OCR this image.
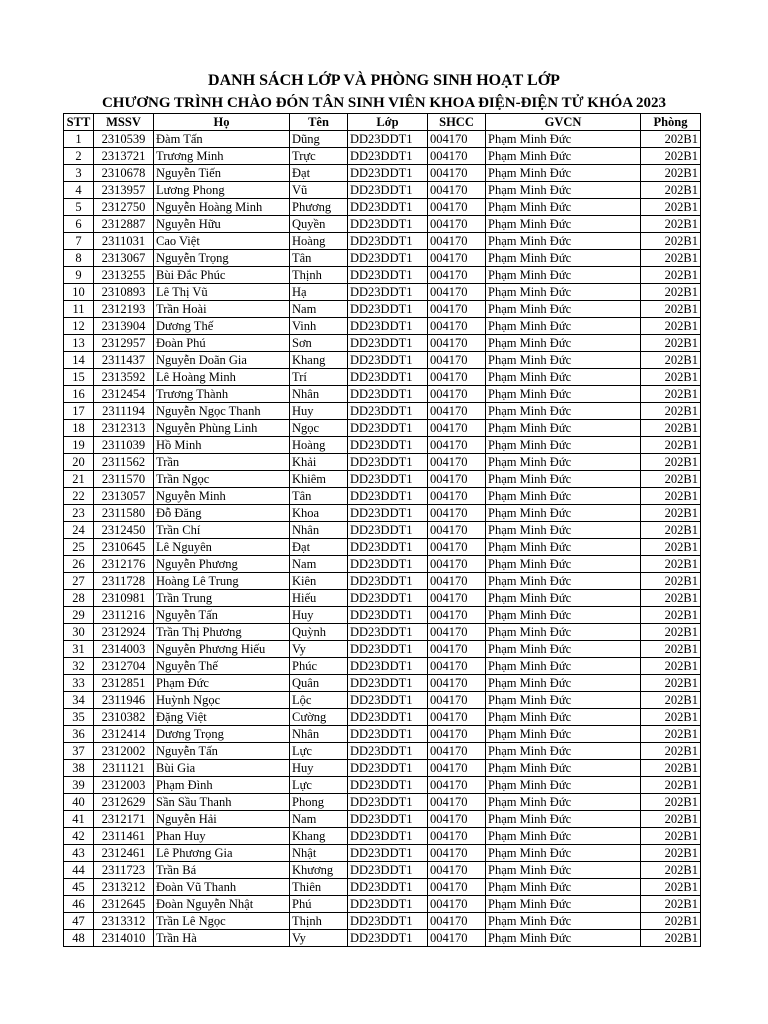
DANH SÁCH LỚP VÀ PHÒNG SINH HOẠT LỚP
CHƯƠNG TRÌNH CHÀO ĐÓN TÂN SINH VIÊN KHOA ĐIỆN-ĐIỆN TỬ KHÓA 2023
STT	MSSV	Họ	Tên	Lớp	SHCC	GVCN	Phòng
1	2310539	Đàm Tấn	Dũng	DD23DDT1	004170	Phạm Minh Đức	202B1
2	2313721	Trương Minh	Trực	DD23DDT1	004170	Phạm Minh Đức	202B1
3	2310678	Nguyễn Tiến	Đạt	DD23DDT1	004170	Phạm Minh Đức	202B1
4	2313957	Lương Phong	Vũ	DD23DDT1	004170	Phạm Minh Đức	202B1
5	2312750	Nguyễn Hoàng Minh	Phương	DD23DDT1	004170	Phạm Minh Đức	202B1
6	2312887	Nguyễn Hữu	Quyền	DD23DDT1	004170	Phạm Minh Đức	202B1
7	2311031	Cao Việt	Hoàng	DD23DDT1	004170	Phạm Minh Đức	202B1
8	2313067	Nguyễn Trọng	Tân	DD23DDT1	004170	Phạm Minh Đức	202B1
9	2313255	Bùi Đắc Phúc	Thịnh	DD23DDT1	004170	Phạm Minh Đức	202B1
10	2310893	Lê Thị Vũ	Hạ	DD23DDT1	004170	Phạm Minh Đức	202B1
11	2312193	Trần Hoài	Nam	DD23DDT1	004170	Phạm Minh Đức	202B1
12	2313904	Dương Thế	Vinh	DD23DDT1	004170	Phạm Minh Đức	202B1
13	2312957	Đoàn Phú	Sơn	DD23DDT1	004170	Phạm Minh Đức	202B1
14	2311437	Nguyễn Doãn Gia	Khang	DD23DDT1	004170	Phạm Minh Đức	202B1
15	2313592	Lê Hoàng Minh	Trí	DD23DDT1	004170	Phạm Minh Đức	202B1
16	2312454	Trương Thành	Nhân	DD23DDT1	004170	Phạm Minh Đức	202B1
17	2311194	Nguyễn Ngọc Thanh	Huy	DD23DDT1	004170	Phạm Minh Đức	202B1
18	2312313	Nguyễn Phùng Linh	Ngọc	DD23DDT1	004170	Phạm Minh Đức	202B1
19	2311039	Hồ Minh	Hoàng	DD23DDT1	004170	Phạm Minh Đức	202B1
20	2311562	Trần	Khải	DD23DDT1	004170	Phạm Minh Đức	202B1
21	2311570	Trần Ngọc	Khiêm	DD23DDT1	004170	Phạm Minh Đức	202B1
22	2313057	Nguyễn Minh	Tân	DD23DDT1	004170	Phạm Minh Đức	202B1
23	2311580	Đỗ Đăng	Khoa	DD23DDT1	004170	Phạm Minh Đức	202B1
24	2312450	Trần Chí	Nhân	DD23DDT1	004170	Phạm Minh Đức	202B1
25	2310645	Lê Nguyên	Đạt	DD23DDT1	004170	Phạm Minh Đức	202B1
26	2312176	Nguyễn Phương	Nam	DD23DDT1	004170	Phạm Minh Đức	202B1
27	2311728	Hoàng Lê Trung	Kiên	DD23DDT1	004170	Phạm Minh Đức	202B1
28	2310981	Trần Trung	Hiếu	DD23DDT1	004170	Phạm Minh Đức	202B1
29	2311216	Nguyễn Tấn	Huy	DD23DDT1	004170	Phạm Minh Đức	202B1
30	2312924	Trần Thị Phương	Quỳnh	DD23DDT1	004170	Phạm Minh Đức	202B1
31	2314003	Nguyễn Phương Hiếu	Vy	DD23DDT1	004170	Phạm Minh Đức	202B1
32	2312704	Nguyễn Thế	Phúc	DD23DDT1	004170	Phạm Minh Đức	202B1
33	2312851	Phạm Đức	Quân	DD23DDT1	004170	Phạm Minh Đức	202B1
34	2311946	Huỳnh Ngọc	Lộc	DD23DDT1	004170	Phạm Minh Đức	202B1
35	2310382	Đặng Việt	Cường	DD23DDT1	004170	Phạm Minh Đức	202B1
36	2312414	Dương Trọng	Nhân	DD23DDT1	004170	Phạm Minh Đức	202B1
37	2312002	Nguyễn Tấn	Lực	DD23DDT1	004170	Phạm Minh Đức	202B1
38	2311121	Bùi Gia	Huy	DD23DDT1	004170	Phạm Minh Đức	202B1
39	2312003	Phạm Đình	Lực	DD23DDT1	004170	Phạm Minh Đức	202B1
40	2312629	Sần Sầu Thanh	Phong	DD23DDT1	004170	Phạm Minh Đức	202B1
41	2312171	Nguyễn Hải	Nam	DD23DDT1	004170	Phạm Minh Đức	202B1
42	2311461	Phan Huy	Khang	DD23DDT1	004170	Phạm Minh Đức	202B1
43	2312461	Lê Phương Gia	Nhật	DD23DDT1	004170	Phạm Minh Đức	202B1
44	2311723	Trần Bá	Khương	DD23DDT1	004170	Phạm Minh Đức	202B1
45	2313212	Đoàn Vũ Thanh	Thiên	DD23DDT1	004170	Phạm Minh Đức	202B1
46	2312645	Đoàn Nguyễn Nhật	Phú	DD23DDT1	004170	Phạm Minh Đức	202B1
47	2313312	Trần Lê Ngọc	Thịnh	DD23DDT1	004170	Phạm Minh Đức	202B1
48	2314010	Trần Hà	Vy	DD23DDT1	004170	Phạm Minh Đức	202B1
